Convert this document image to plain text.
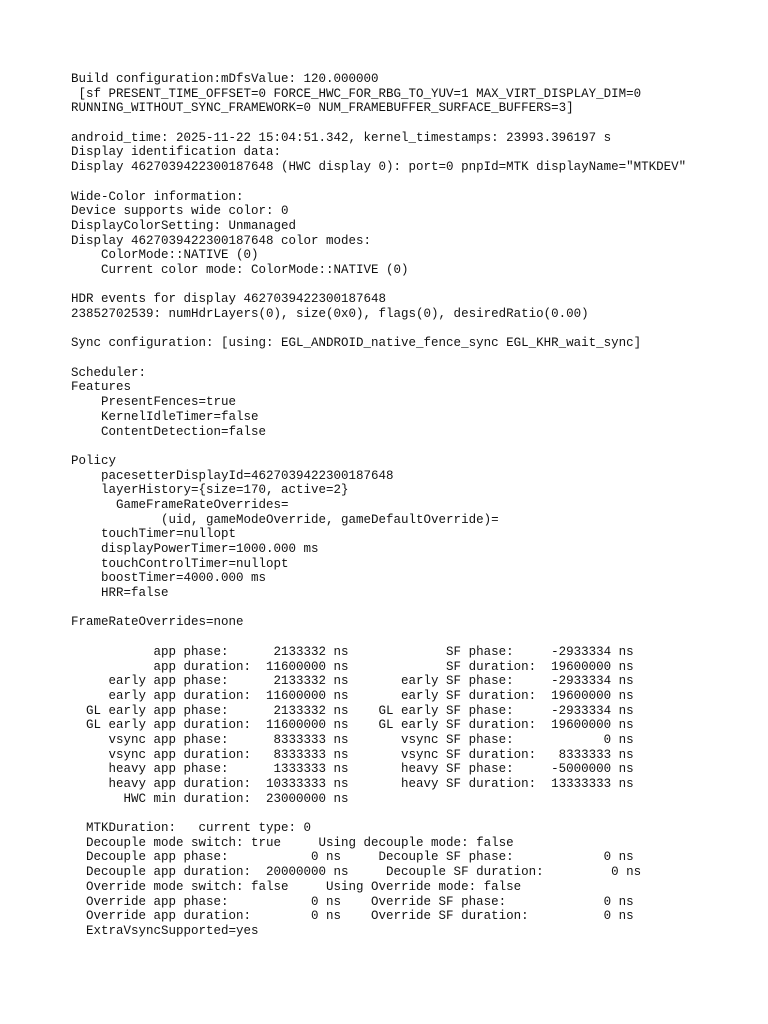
Build configuration:mDfsValue: 120.000000
[sf PRESENT_TIME_OFFSET=0 FORCE_HWC_FOR_RBG_TO_YUV=1 MAX_VIRT_DISPLAY_DIM=0
RUNNING_WITHOUT_SYNC_FRAMEWORK=0 NUM_FRAMEBUFFER_SURFACE_BUFFERS=3]

android_time: 2025-11-22 15:04:51.342, kernel_timestamps: 23993.396197 s
Display identification data:
Display 4627039422300187648 (HWC display 0): port=0 pnpId=MTK displayName="MTKDEV"

Wide-Color information:
Device supports wide color: 0
DisplayColorSetting: Unmanaged
Display 4627039422300187648 color modes:
ColorMode::NATIVE (0)
Current color mode: ColorMode::NATIVE (0)

HDR events for display 4627039422300187648
23852702539: numHdrLayers(0), size(0x0), flags(0), desiredRatio(0.00)

Sync configuration: [using: EGL_ANDROID_native_fence_sync EGL_KHR_wait_sync]

Scheduler:
Features
PresentFences=true
KernelIdleTimer=false
ContentDetection=false

Policy
pacesetterDisplayId=4627039422300187648
layerHistory={size=170, active=2}
GameFrameRateOverrides=
(uid, gameModeOverride, gameDefaultOverride)=
touchTimer=nullopt
displayPowerTimer=1000.000 ms
touchControlTimer=nullopt
boostTimer=4000.000 ms
HRR=false

FrameRateOverrides=none

app phase:      2133332 ns             SF phase:     -2933334 ns
app duration:  11600000 ns             SF duration:  19600000 ns
early app phase:      2133332 ns       early SF phase:     -2933334 ns
early app duration:  11600000 ns       early SF duration:  19600000 ns
GL early app phase:      2133332 ns    GL early SF phase:     -2933334 ns
GL early app duration:  11600000 ns    GL early SF duration:  19600000 ns
vsync app phase:      8333333 ns       vsync SF phase:            0 ns
vsync app duration:   8333333 ns       vsync SF duration:   8333333 ns
heavy app phase:      1333333 ns       heavy SF phase:     -5000000 ns
heavy app duration:  10333333 ns       heavy SF duration:  13333333 ns
HWC min duration:  23000000 ns

MTKDuration:   current type: 0
Decouple mode switch: true     Using decouple mode: false
Decouple app phase:           0 ns     Decouple SF phase:            0 ns
Decouple app duration:  20000000 ns     Decouple SF duration:         0 ns
Override mode switch: false     Using Override mode: false
Override app phase:           0 ns    Override SF phase:             0 ns
Override app duration:        0 ns    Override SF duration:          0 ns
ExtraVsyncSupported=yes
